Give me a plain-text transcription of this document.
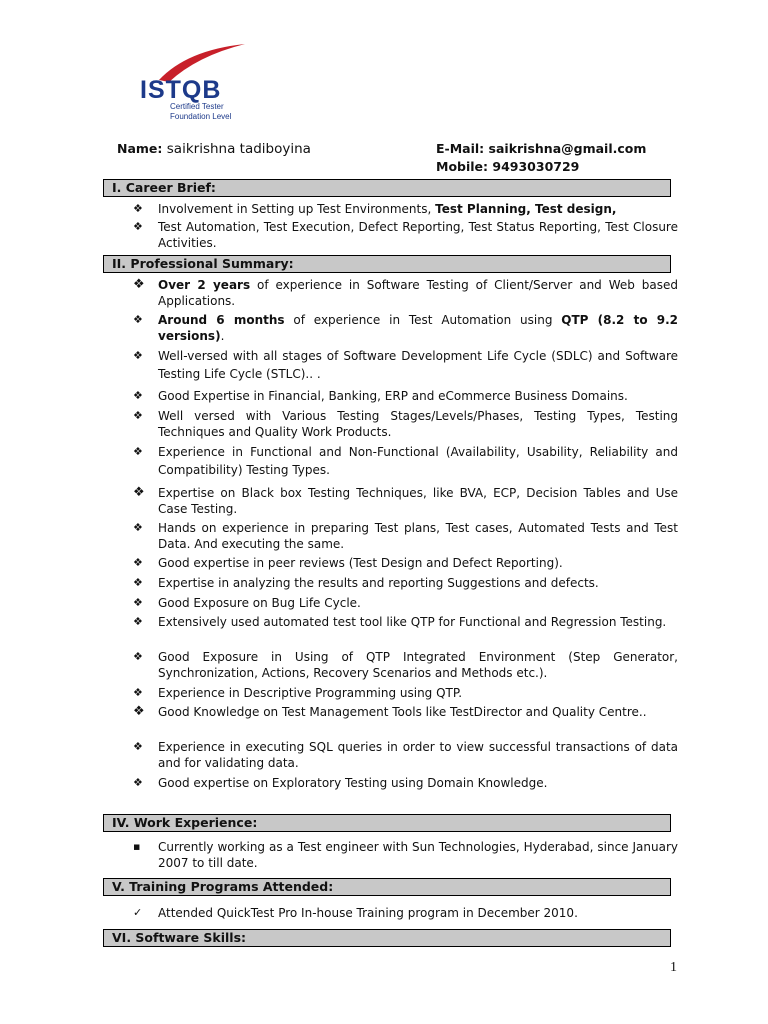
ISTQB
Certified Tester
Foundation Level
Name: saikrishna tadiboyina	E-Mail: saikrishna@gmail.com
Mobile: 9493030729
I. Career Brief:
❖ Involvement in Setting up Test Environments, Test Planning, Test design,
❖ Test Automation, Test Execution, Defect Reporting, Test Status Reporting, Test Closure Activities.
II. Professional Summary:
❖ Over 2 years of experience in Software Testing of Client/Server and Web based Applications.
❖ Around 6 months of experience in Test Automation using QTP (8.2 to 9.2 versions).
❖ Well-versed with all stages of Software Development Life Cycle (SDLC) and Software Testing Life Cycle (STLC).. .
❖ Good Expertise in Financial, Banking, ERP and eCommerce Business Domains.
❖ Well versed with Various Testing Stages/Levels/Phases, Testing Types, Testing Techniques and Quality Work Products.
❖ Experience in Functional and Non-Functional (Availability, Usability, Reliability and Compatibility) Testing Types.
❖ Expertise on Black box Testing Techniques, like BVA, ECP, Decision Tables and Use Case Testing.
❖ Hands on experience in preparing Test plans, Test cases, Automated Tests and Test Data. And executing the same.
❖ Good expertise in peer reviews (Test Design and Defect Reporting).
❖ Expertise in analyzing the results and reporting Suggestions and defects.
❖ Good Exposure on Bug Life Cycle.
❖ Extensively used automated test tool like QTP for Functional and Regression Testing.
❖ Good Exposure in Using of QTP Integrated Environment (Step Generator, Synchronization, Actions, Recovery Scenarios and Methods etc.).
❖ Experience in Descriptive Programming using QTP.
❖ Good Knowledge on Test Management Tools like TestDirector and Quality Centre..
❖ Experience in executing SQL queries in order to view successful transactions of data and for validating data.
❖ Good expertise on Exploratory Testing using Domain Knowledge.
IV. Work Experience:
▪ Currently working as a Test engineer with Sun Technologies, Hyderabad, since January 2007 to till date.
V. Training Programs Attended:
✓ Attended QuickTest Pro In-house Training program in December 2010.
VI. Software Skills:
1
